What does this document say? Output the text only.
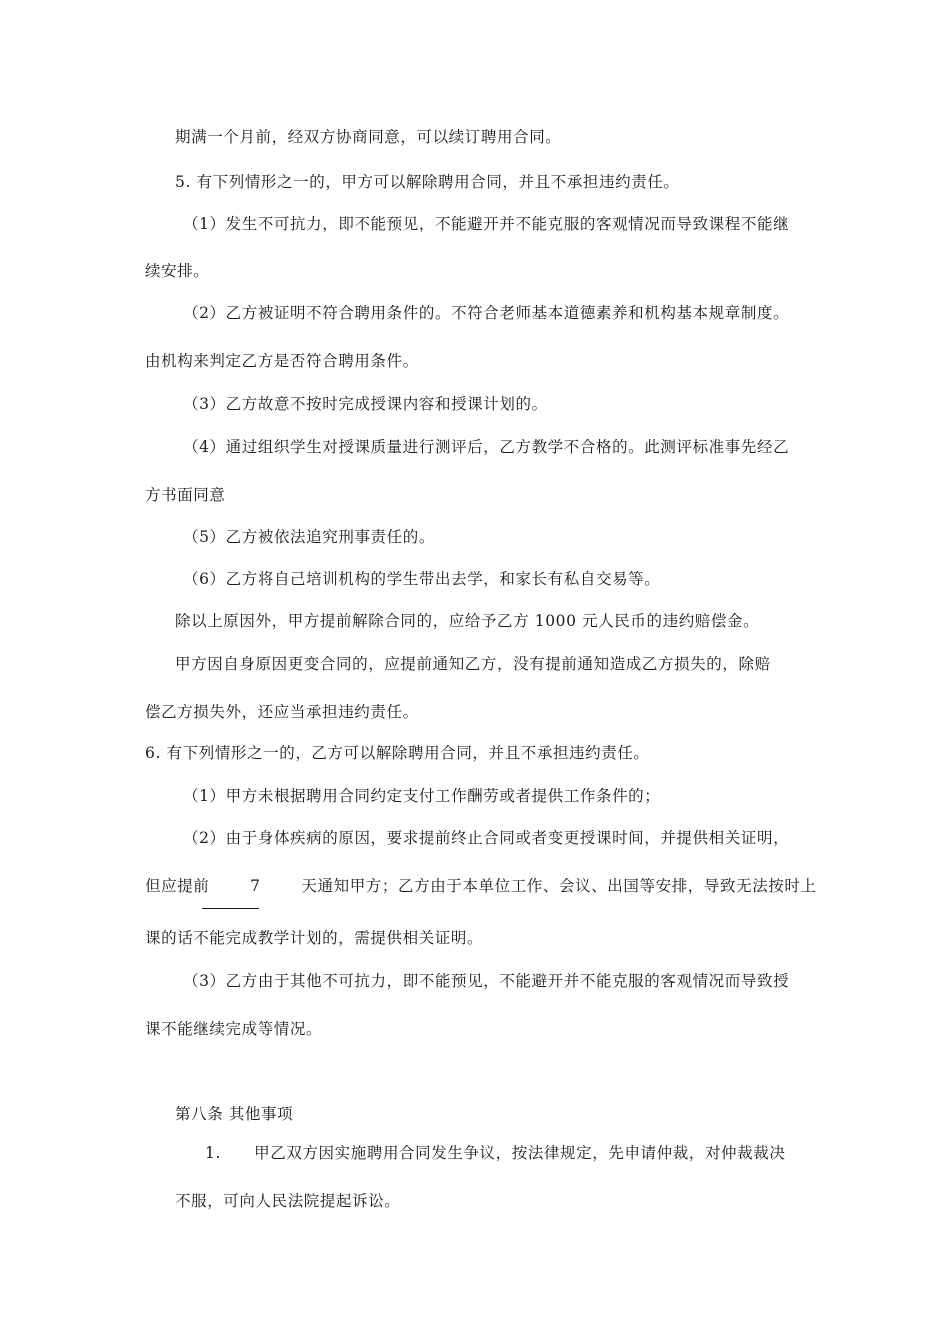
期满一个月前，经双方协商同意，可以续订聘用合同。
5. 有下列情形之一的，甲方可以解除聘用合同，并且不承担违约责任。
（1）发生不可抗力，即不能预见，不能避开并不能克服的客观情况而导致课程不能继
续安排。
（2）乙方被证明不符合聘用条件的。不符合老师基本道德素养和机构基本规章制度。
由机构来判定乙方是否符合聘用条件。
（3）乙方故意不按时完成授课内容和授课计划的。
（4）通过组织学生对授课质量进行测评后，乙方教学不合格的。此测评标准事先经乙
方书面同意
（5）乙方被依法追究刑事责任的。
（6）乙方将自己培训机构的学生带出去学，和家长有私自交易等。
除以上原因外，甲方提前解除合同的，应给予乙方 1000 元人民币的违约赔偿金。
甲方因自身原因更变合同的，应提前通知乙方，没有提前通知造成乙方损失的，除赔
偿乙方损失外，还应当承担违约责任。
6. 有下列情形之一的，乙方可以解除聘用合同，并且不承担违约责任。
（1）甲方未根据聘用合同约定支付工作酬劳或者提供工作条件的；
（2）由于身体疾病的原因，要求提前终止合同或者变更授课时间，并提供相关证明，
但应提前	7	天通知甲方；乙方由于本单位工作、会议、出国等安排，导致无法按时上
课的话不能完成教学计划的，需提供相关证明。
（3）乙方由于其他不可抗力，即不能预见，不能避开并不能克服的客观情况而导致授
课不能继续完成等情况。
第八条 其他事项
1.      甲乙双方因实施聘用合同发生争议，按法律规定，先申请仲裁，对仲裁裁决
不服，可向人民法院提起诉讼。
